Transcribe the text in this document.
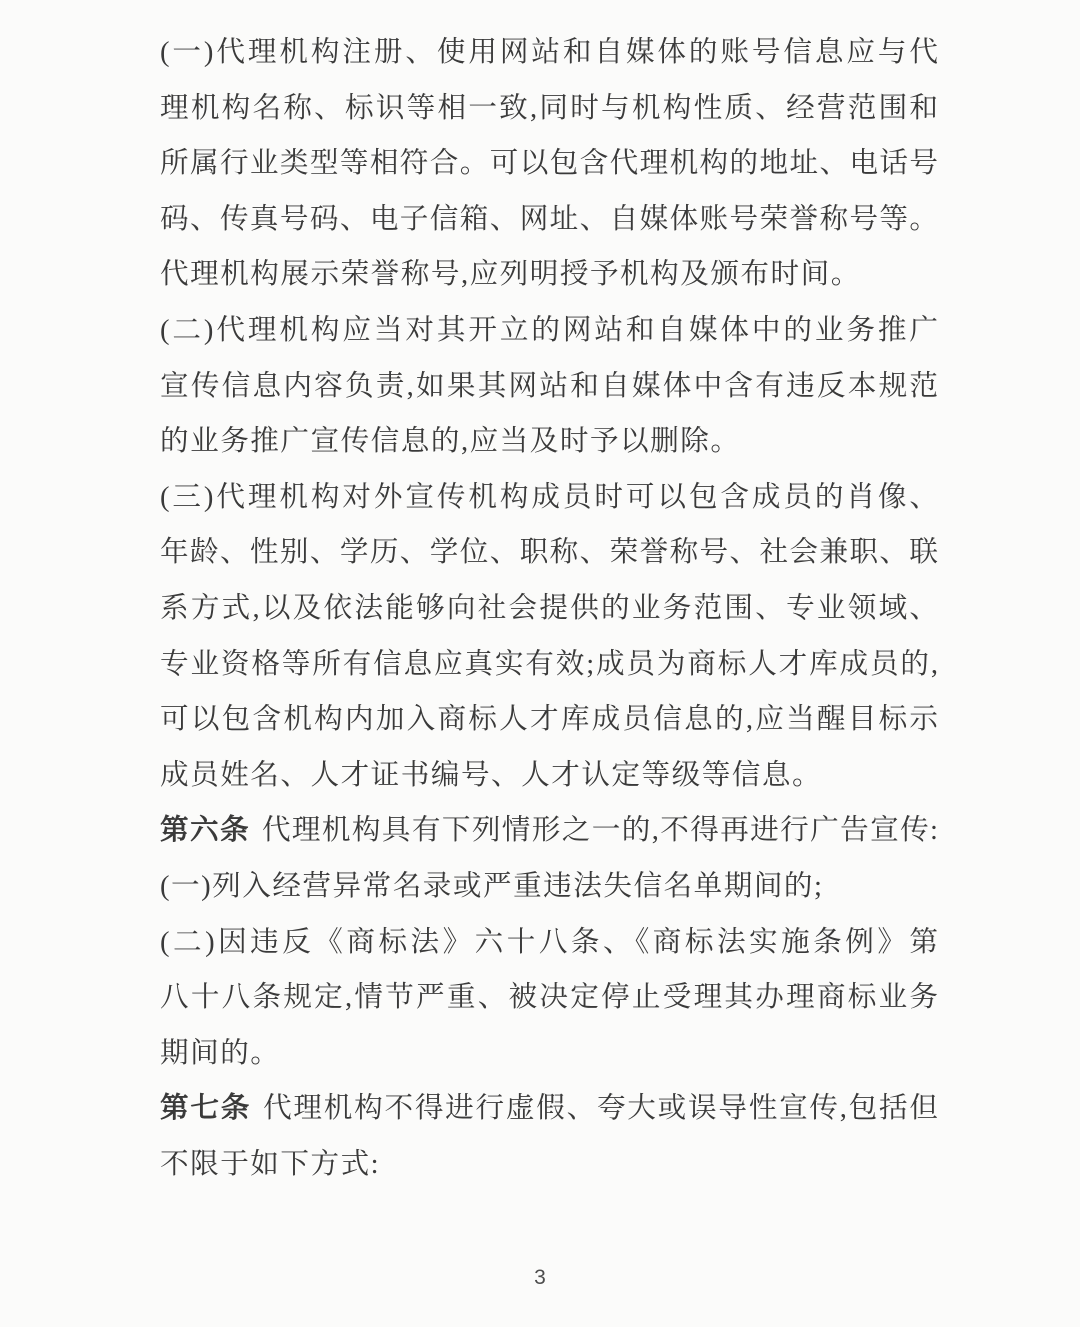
(一)代理机构注册、使用网站和自媒体的账号信息应与代
理机构名称、标识等相一致,同时与机构性质、经营范围和
所属行业类型等相符合。可以包含代理机构的地址、电话号
码、传真号码、电子信箱、网址、自媒体账号荣誉称号等。
代理机构展示荣誉称号,应列明授予机构及颁布时间。
(二)代理机构应当对其开立的网站和自媒体中的业务推广
宣传信息内容负责,如果其网站和自媒体中含有违反本规范
的业务推广宣传信息的,应当及时予以删除。
(三)代理机构对外宣传机构成员时可以包含成员的肖像、
年龄、性别、学历、学位、职称、荣誉称号、社会兼职、联
系方式,以及依法能够向社会提供的业务范围、专业领域、
专业资格等所有信息应真实有效;成员为商标人才库成员的,
可以包含机构内加入商标人才库成员信息的,应当醒目标示
成员姓名、人才证书编号、人才认定等级等信息。
第六条 代理机构具有下列情形之一的,不得再进行广告宣传:
(一)列入经营异常名录或严重违法失信名单期间的;
(二)因违反《商标法》六十八条、《商标法实施条例》第
八十八条规定,情节严重、被决定停止受理其办理商标业务
期间的。
第七条 代理机构不得进行虚假、夸大或误导性宣传,包括但
不限于如下方式:
3
